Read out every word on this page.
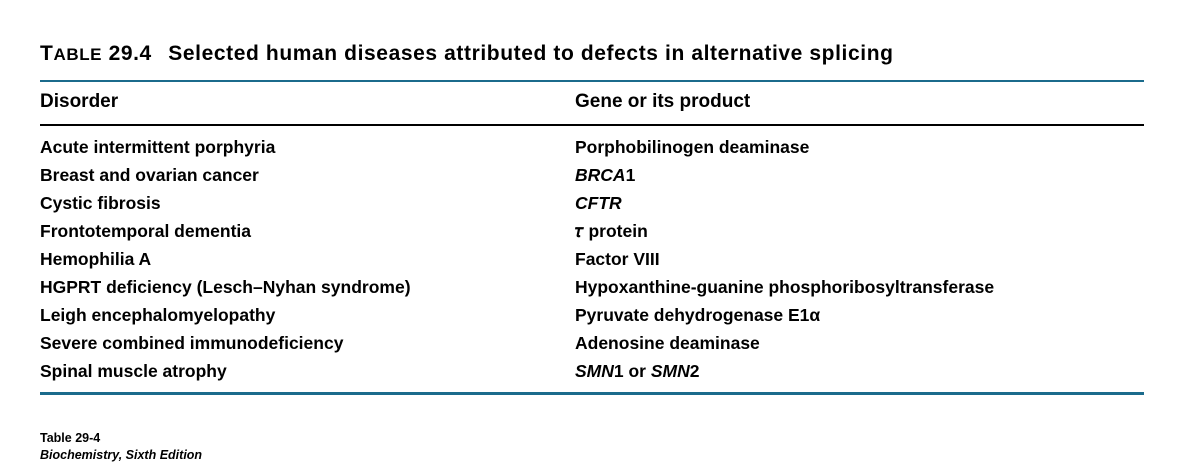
TABLE 29.4 Selected human diseases attributed to defects in alternative splicing
Disorder	Gene or its product
Acute intermittent porphyria	Porphobilinogen deaminase
Breast and ovarian cancer	BRCA1
Cystic fibrosis	CFTR
Frontotemporal dementia	𝜏 protein
Hemophilia A	Factor VIII
HGPRT deficiency (Lesch–Nyhan syndrome)	Hypoxanthine-guanine phosphoribosyltransferase
Leigh encephalomyelopathy	Pyruvate dehydrogenase E1α
Severe combined immunodeficiency	Adenosine deaminase
Spinal muscle atrophy	SMN1 or SMN2
Table 29-4
Biochemistry, Sixth Edition
